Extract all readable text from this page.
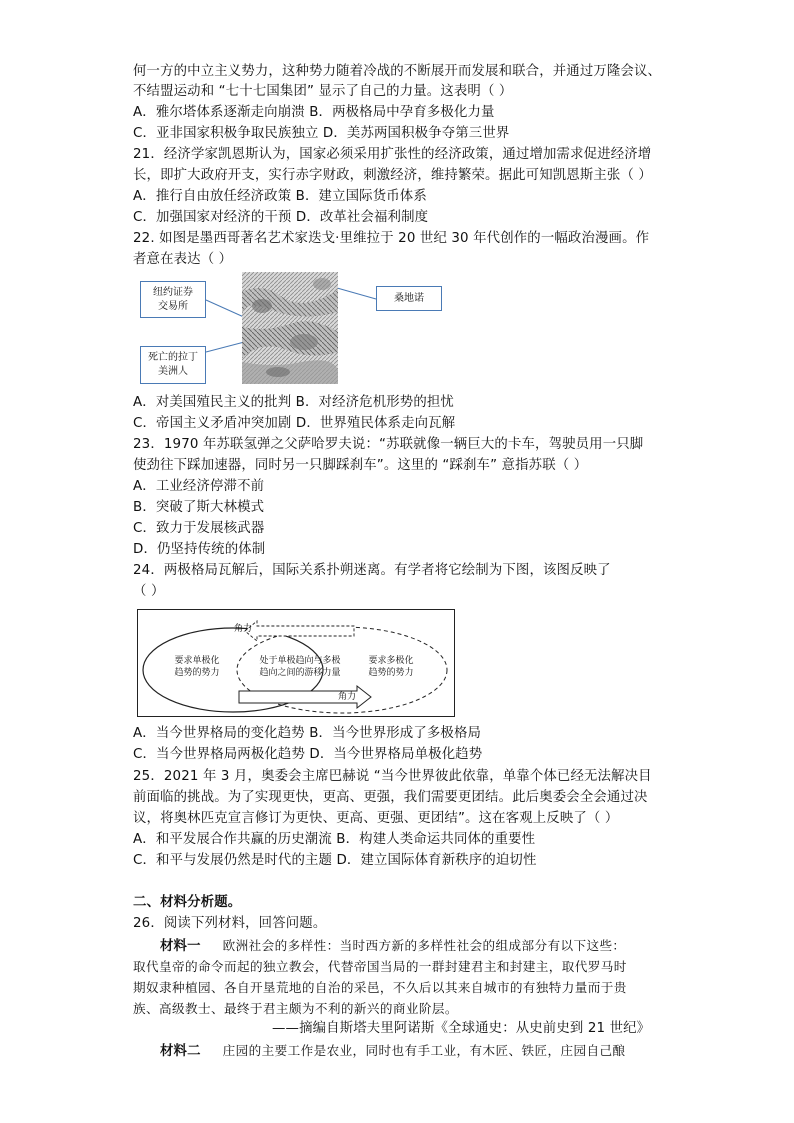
何一方的中立主义势力，这种势力随着冷战的不断展开而发展和联合，并通过万隆会议、
不结盟运动和 “七十七国集团” 显示了自己的力量。这表明（ ）
A．雅尔塔体系逐渐走向崩溃 B．两极格局中孕育多极化力量
C．亚非国家积极争取民族独立 D．美苏两国积极争夺第三世界
21．经济学家凯恩斯认为，国家必须采用扩张性的经济政策，通过增加需求促进经济增
长，即扩大政府开支，实行赤字财政，刺激经济，维持繁荣。据此可知凯恩斯主张（ ）
A．推行自由放任经济政策 B．建立国际货币体系
C．加强国家对经济的干预 D．改革社会福利制度
22. 如图是墨西哥著名艺术家迭戈·里维拉于 20 世纪 30 年代创作的一幅政治漫画。作
者意在表达（ ）
纽约证券
交易所
死亡的拉丁
美洲人
桑地诺
A．对美国殖民主义的批判 B．对经济危机形势的担忧
C．帝国主义矛盾冲突加剧 D．世界殖民体系走向瓦解
23．1970 年苏联氢弹之父萨哈罗夫说：“苏联就像一辆巨大的卡车，驾驶员用一只脚
使劲往下踩加速器，同时另一只脚踩刹车”。这里的 “踩刹车” 意指苏联（ ）
A．工业经济停滞不前
B．突破了斯大林模式
C．致力于发展核武器
D．仍坚持传统的体制
24．两极格局瓦解后，国际关系扑朔迷离。有学者将它绘制为下图，该图反映了
（ ）
角力
角力
要求单极化
趋势的势力
处于单极趋向与多极
趋向之间的游移力量
要求多极化
趋势的势力
A．当今世界格局的变化趋势 B．当今世界形成了多极格局
C．当今世界格局两极化趋势 D．当今世界格局单极化趋势
25．2021 年 3 月，奥委会主席巴赫说 “当今世界彼此依靠，单靠个体已经无法解决目
前面临的挑战。为了实现更快，更高、更强，我们需要更团结。此后奥委会全会通过决
议，将奥林匹克宣言修订为更快、更高、更强、更团结”。这在客观上反映了（ ）
A．和平发展合作共赢的历史潮流 B．构建人类命运共同体的重要性
C．和平与发展仍然是时代的主题 D．建立国际体育新秩序的迫切性
二、材料分析题。
26．阅读下列材料，回答问题。
材料一 欧洲社会的多样性：当时西方新的多样性社会的组成部分有以下这些：
取代皇帝的命令而起的独立教会，代替帝国当局的一群封建君主和封建主，取代罗马时
期奴隶种植园、各自开垦荒地的自治的采邑，不久后以其来自城市的有独特力量而于贵
族、高级教士、最终于君主颇为不利的新兴的商业阶层。
——摘编自斯塔夫里阿诺斯《全球通史：从史前史到 21 世纪》
材料二 庄园的主要工作是农业，同时也有手工业，有木匠、铁匠，庄园自己酿
